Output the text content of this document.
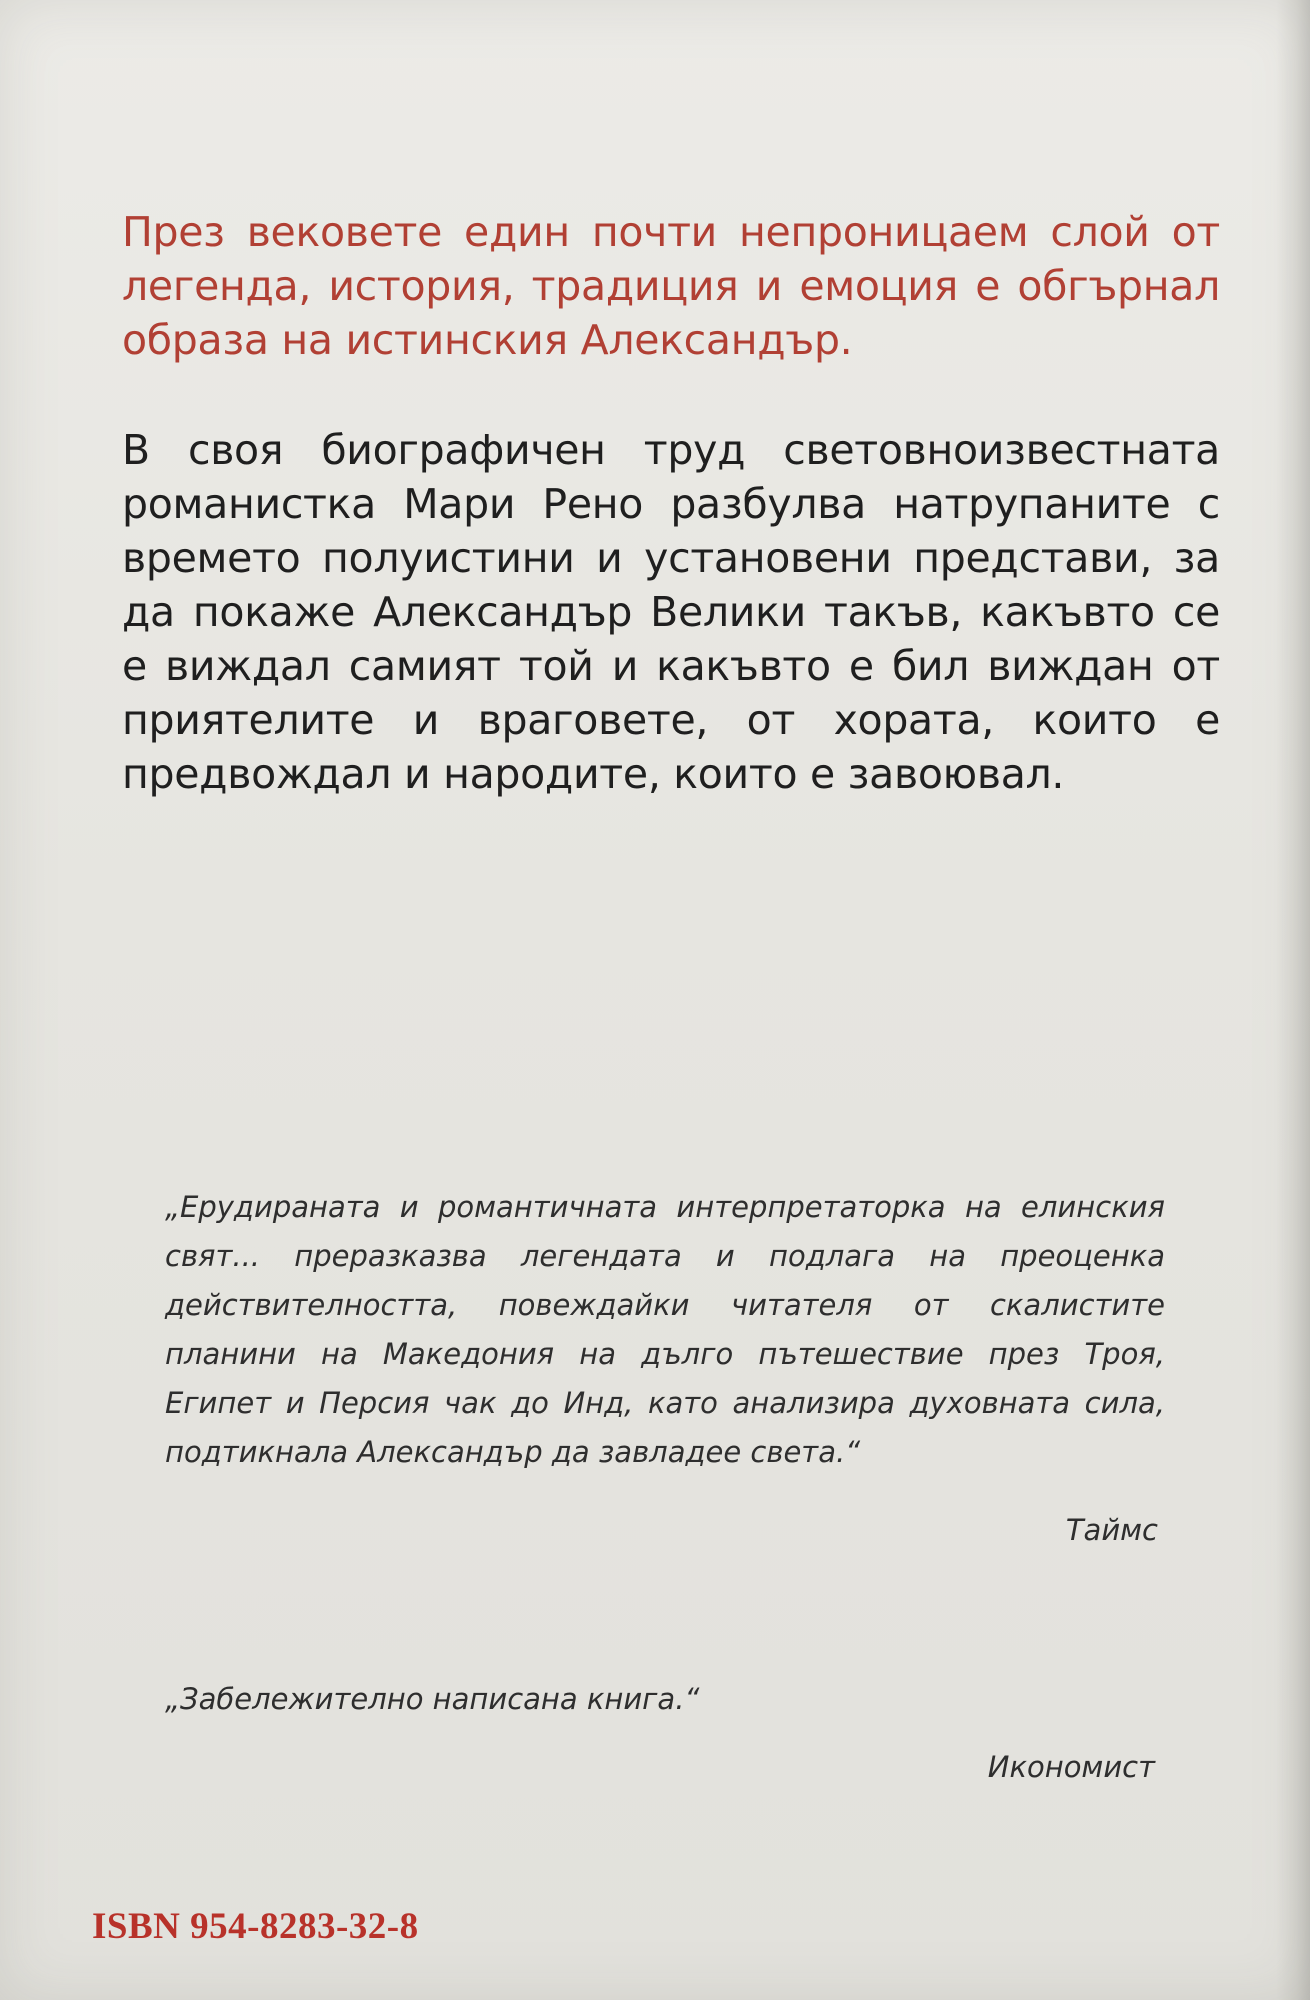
През вековете един почти непроницаем слой от легенда, история, традиция и емоция е обгърнал образа на истинския Александър.

В своя биографичен труд световноизвестната романистка Мари Рено разбулва натрупаните с времето полуистини и установени представи, за да покаже Александър Велики такъв, какъвто се е виждал самият той и какъвто е бил виждан от приятелите и враговете, от хората, които е предвождал и народите, които е завоювал.

„Ерудираната и романтичната интерпретаторка на елинския свят... преразказва легендата и подлага на преоценка действителността, повеждайки читателя от скалистите планини на Македония на дълго пътешествие през Троя, Египет и Персия чак до Инд, като анализира духовната сила, подтикнала Александър да завладее света.“

Таймс

„Забележително написана книга.“

Икономист
ISBN 954-8283-32-8
